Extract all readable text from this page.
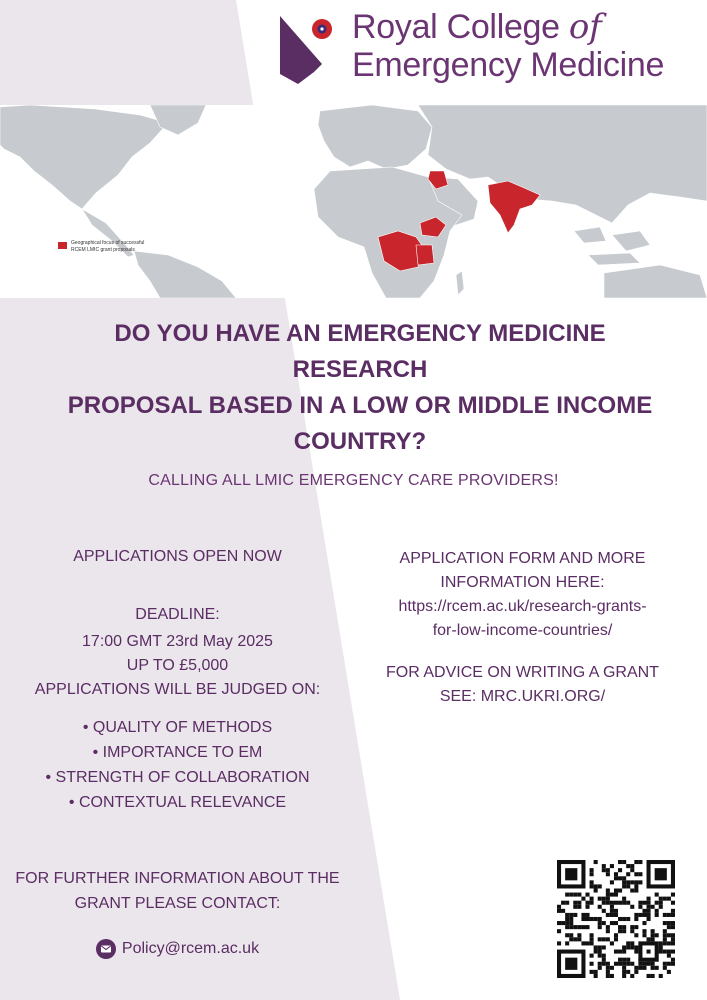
Royal College of
Emergency Medicine
Geographical focus of successful RCEM LMIC grant proposals
DO YOU HAVE AN EMERGENCY MEDICINE
RESEARCH
PROPOSAL BASED IN A LOW OR MIDDLE INCOME
COUNTRY?
CALLING ALL LMIC EMERGENCY CARE PROVIDERS!
APPLICATIONS OPEN NOW
DEADLINE:
17:00 GMT 23rd May 2025
UP TO £5,000
APPLICATIONS WILL BE JUDGED ON:
• QUALITY OF METHODS
• IMPORTANCE TO EM
• STRENGTH OF COLLABORATION
• CONTEXTUAL RELEVANCE
APPLICATION FORM AND MORE
INFORMATION HERE:
https://rcem.ac.uk/research-grants-
for-low-income-countries/
FOR ADVICE ON WRITING A GRANT
SEE: MRC.UKRI.ORG/
FOR FURTHER INFORMATION ABOUT THE
GRANT PLEASE CONTACT:
Policy@rcem.ac.uk
